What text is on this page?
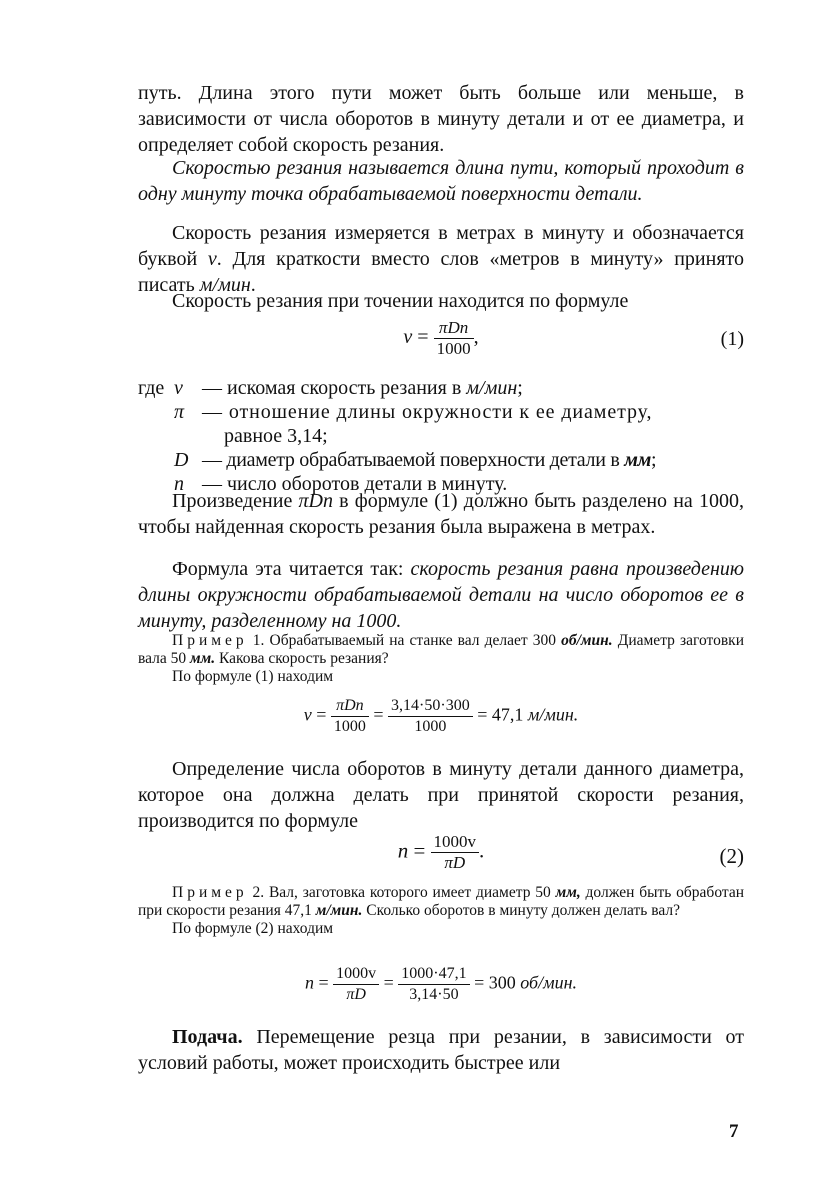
путь. Длина этого пути может быть больше или меньше, в зависимости от числа оборотов в минуту детали и от ее диаметра, и определяет собой скорость резания.

Скоростью резания называется длина пути, который проходит в одну минуту точка обрабатываемой поверхности детали.

Скорость резания измеряется в метрах в минуту и обозначается буквой v. Для краткости вместо слов «метров в минуту» принято писать м/мин.

Скорость резания при точении находится по формуле

$v = \frac{\text{πDn}}{1000}$ ,	(1)
где v — искомая скорость резания в м/мин;
π — отношение длины окружности к ее диаметру,
равное 3,14;
D — диаметр обрабатываемой поверхности детали в мм;
n — число оборотов детали в минуту.

Произведение πDn в формуле (1) должно быть разделено на 1000, чтобы найденная скорость резания была выражена в метрах.

Формула эта читается так: скорость резания равна произведению длины окружности обрабатываемой детали на число оборотов ее в минуту, разделенному на 1000.

Пример 1. Обрабатываемый на станке вал делает 300 об/мин. Диаметр заготовки вала 50 мм. Какова скорость резания?

По формуле (1) находим

$v = \frac{\text{πDn}}{1000} = \frac{3,14\cdot 50\cdot 300}{1000} = 47,1$ м/мин.

Определение числа оборотов в минуту детали данного диаметра, которое она должна делать при принятой скорости резания, производится по формуле

$n = \frac{1000v}{\pi D}$ .	(2)

Пример 2. Вал, заготовка которого имеет диаметр 50 мм, должен быть обработан при скорости резания 47,1 м/мин. Сколько оборотов в минуту должен делать вал?

По формуле (2) находим

$n = \frac{1000v}{\pi D} = \frac{1000\cdot 47,1}{3,14\cdot 50} = 300$ об/мин.

Подача. Перемещение резца при резании, в зависимости от условий работы, может происходить быстрее или

7
